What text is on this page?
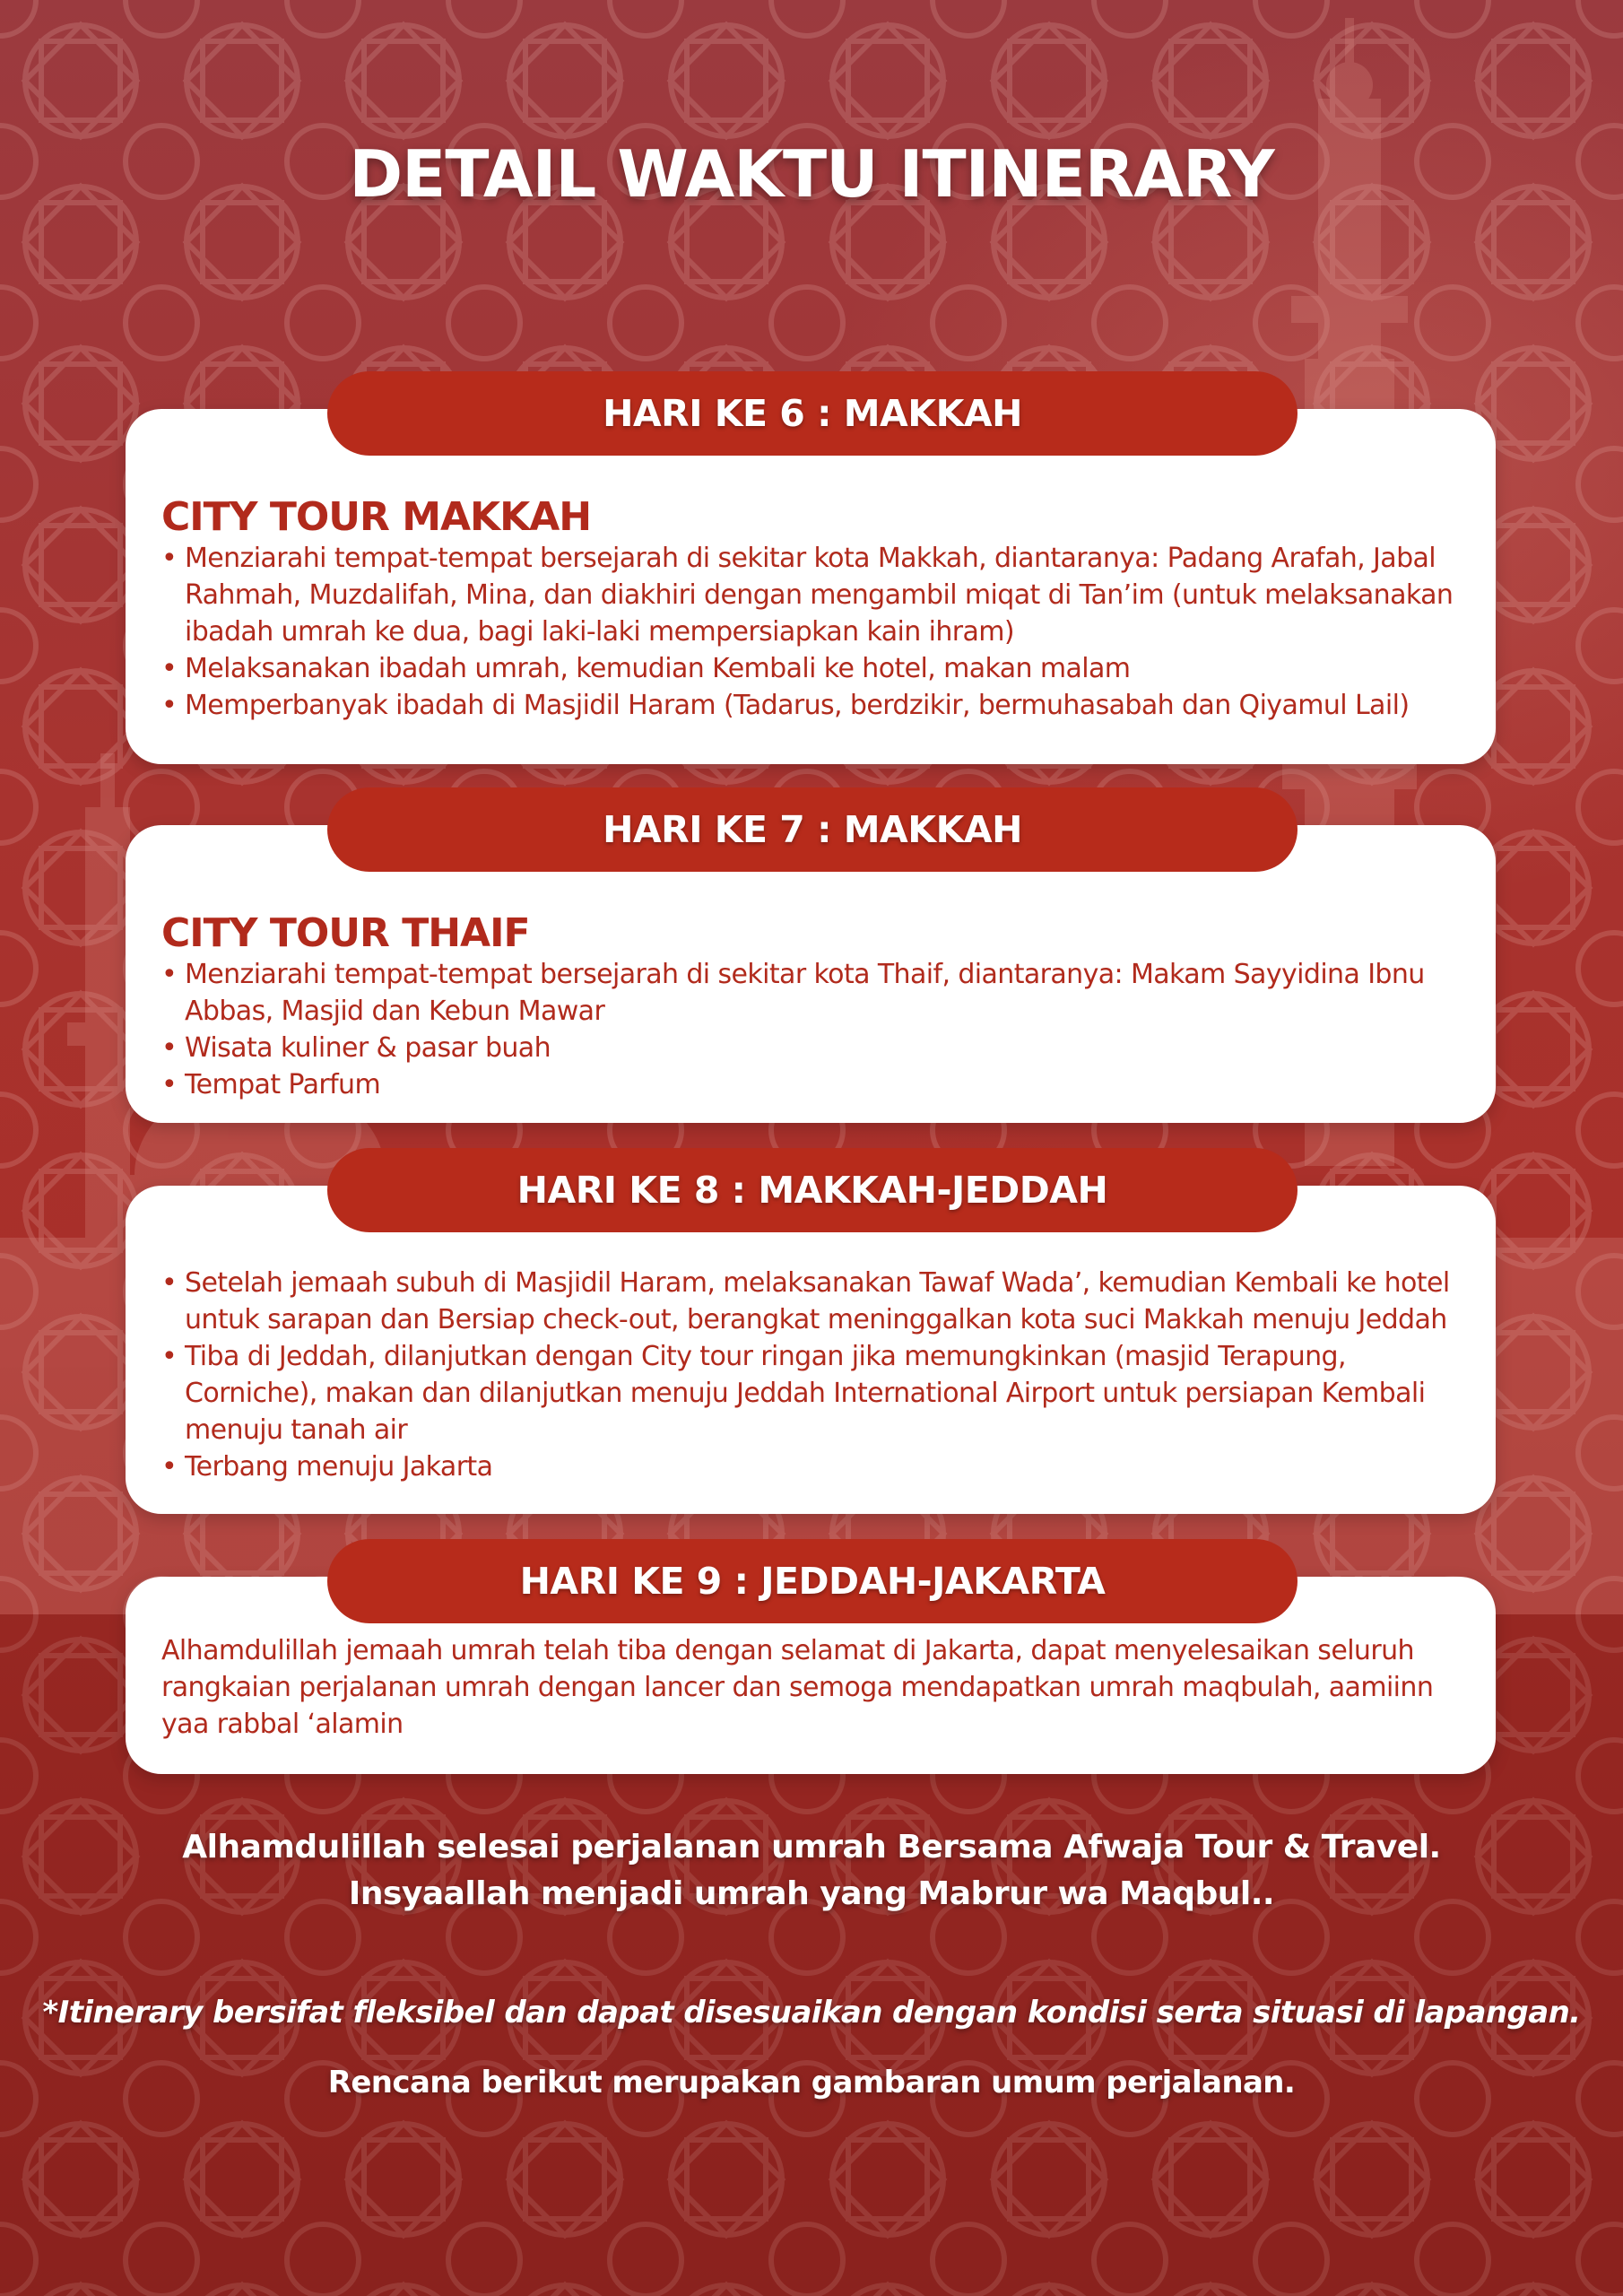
DETAIL WAKTU ITINERARY
CITY TOUR MAKKAH
• Menziarahi tempat-tempat bersejarah di sekitar kota Makkah, diantaranya: Padang Arafah, Jabal Rahmah, Muzdalifah, Mina, dan diakhiri dengan mengambil miqat di Tan’im (untuk melaksanakan ibadah umrah ke dua, bagi laki-laki mempersiapkan kain ihram)
• Melaksanakan ibadah umrah, kemudian Kembali ke hotel, makan malam
• Memperbanyak ibadah di Masjidil Haram (Tadarus, berdzikir, bermuhasabah dan Qiyamul Lail)
HARI KE 6 : MAKKAH
CITY TOUR THAIF
• Menziarahi tempat-tempat bersejarah di sekitar kota Thaif, diantaranya: Makam Sayyidina Ibnu Abbas, Masjid dan Kebun Mawar
• Wisata kuliner & pasar buah
• Tempat Parfum
HARI KE 7 : MAKKAH
• Setelah jemaah subuh di Masjidil Haram, melaksanakan Tawaf Wada’, kemudian Kembali ke hotel untuk sarapan dan Bersiap check-out, berangkat meninggalkan kota suci Makkah menuju Jeddah
• Tiba di Jeddah, dilanjutkan dengan City tour ringan jika memungkinkan (masjid Terapung, Corniche), makan dan dilanjutkan menuju Jeddah International Airport untuk persiapan Kembali menuju tanah air
• Terbang menuju Jakarta
HARI KE 8 : MAKKAH-JEDDAH

Alhamdulillah jemaah umrah telah tiba dengan selamat di Jakarta, dapat menyelesaikan seluruh rangkaian perjalanan umrah dengan lancer dan semoga mendapatkan umrah maqbulah, aamiinn yaa rabbal ‘alamin

HARI KE 9 : JEDDAH-JAKARTA
Alhamdulillah selesai perjalanan umrah Bersama Afwaja Tour & Travel.
Insyaallah menjadi umrah yang Mabrur wa Maqbul..
*Itinerary bersifat fleksibel dan dapat disesuaikan dengan kondisi serta situasi di lapangan.
Rencana berikut merupakan gambaran umum perjalanan.
